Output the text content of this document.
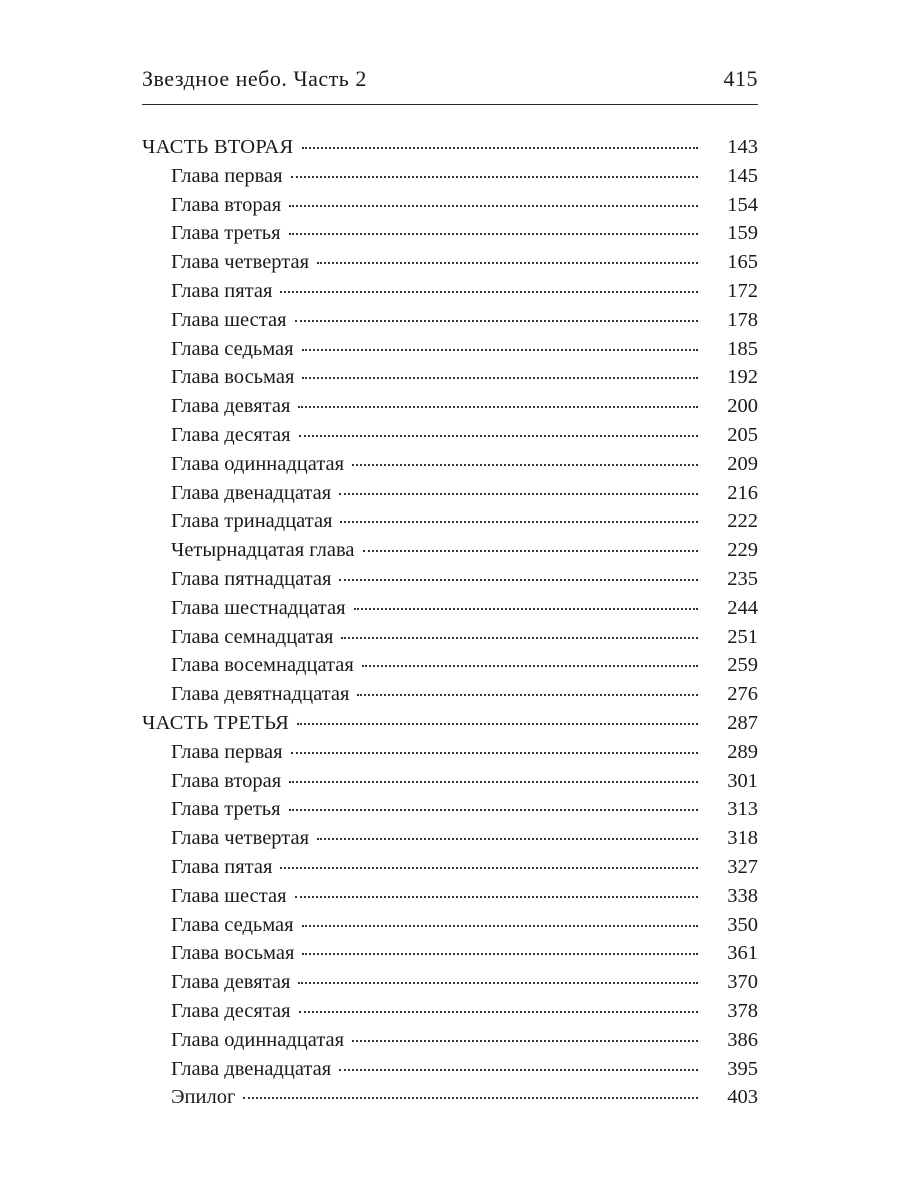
Звездное небо. Часть 2	415
ЧАСТЬ ВТОРАЯ	143
Глава первая	145
Глава вторая	154
Глава третья	159
Глава четвертая	165
Глава пятая	172
Глава шестая	178
Глава седьмая	185
Глава восьмая	192
Глава девятая	200
Глава десятая	205
Глава одиннадцатая	209
Глава двенадцатая	216
Глава тринадцатая	222
Четырнадцатая глава	229
Глава пятнадцатая	235
Глава шестнадцатая	244
Глава семнадцатая	251
Глава восемнадцатая	259
Глава девятнадцатая	276
ЧАСТЬ ТРЕТЬЯ	287
Глава первая	289
Глава вторая	301
Глава третья	313
Глава четвертая	318
Глава пятая	327
Глава шестая	338
Глава седьмая	350
Глава восьмая	361
Глава девятая	370
Глава десятая	378
Глава одиннадцатая	386
Глава двенадцатая	395
Эпилог	403
